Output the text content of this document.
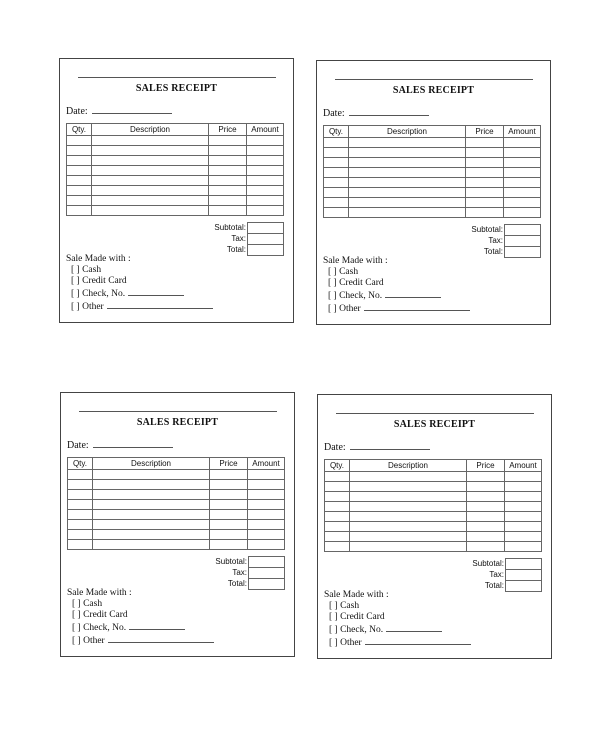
SALES RECEIPT
Date:
Qty.	Description	Price	Amount

Subtotal:	
Tax:	
Total:	
Sale Made with :
[ ] Cash
[ ] Credit Card
[ ] Check, No.
[ ] Other
SALES RECEIPT
Date:
Qty.	Description	Price	Amount

Subtotal:	
Tax:	
Total:	
Sale Made with :
[ ] Cash
[ ] Credit Card
[ ] Check, No.
[ ] Other
SALES RECEIPT
Date:
Qty.	Description	Price	Amount

Subtotal:	
Tax:	
Total:	
Sale Made with :
[ ] Cash
[ ] Credit Card
[ ] Check, No.
[ ] Other
SALES RECEIPT
Date:
Qty.	Description	Price	Amount

Subtotal:	
Tax:	
Total:	
Sale Made with :
[ ] Cash
[ ] Credit Card
[ ] Check, No.
[ ] Other
